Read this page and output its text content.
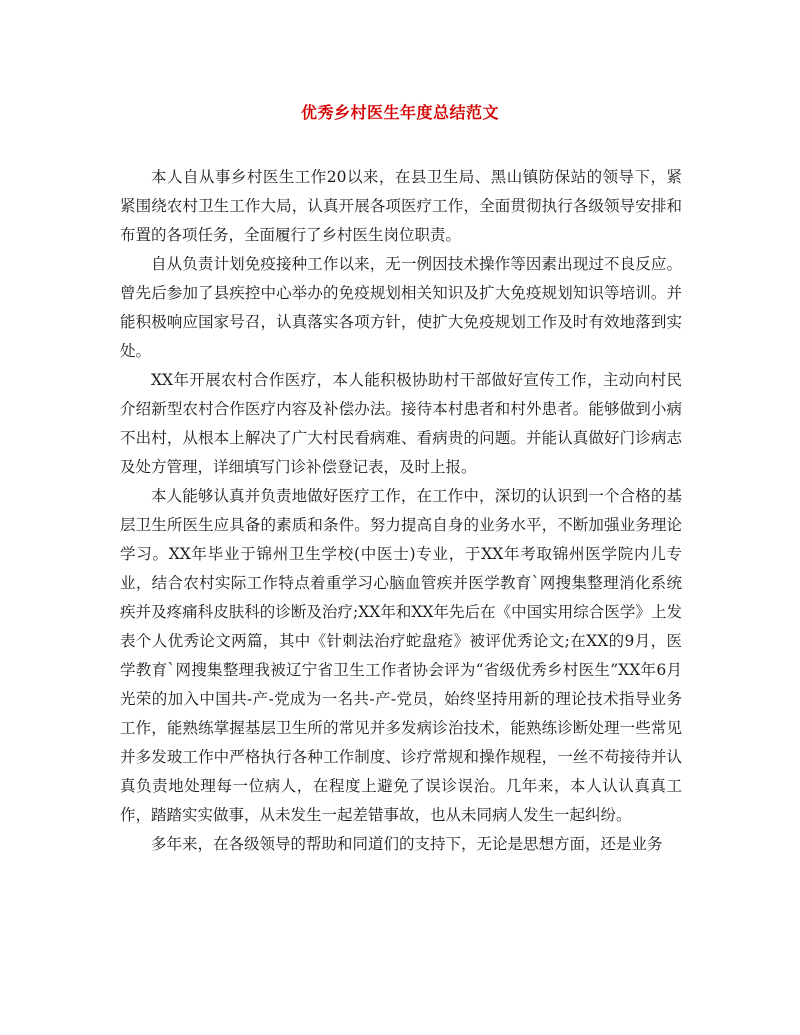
优秀乡村医生年度总结范文

本人自从事乡村医生工作20以来，在县卫生局、黑山镇防保站的领导下，紧紧围绕农村卫生工作大局，认真开展各项医疗工作，全面贯彻执行各级领导安排和布置的各项任务，全面履行了乡村医生岗位职责。

自从负责计划免疫接种工作以来，无一例因技术操作等因素出现过不良反应。曾先后参加了县疾控中心举办的免疫规划相关知识及扩大免疫规划知识等培训。并能积极响应国家号召，认真落实各项方针，使扩大免疫规划工作及时有效地落到实处。

XX年开展农村合作医疗，本人能积极协助村干部做好宣传工作，主动向村民介绍新型农村合作医疗内容及补偿办法。接待本村患者和村外患者。能够做到小病不出村，从根本上解决了广大村民看病难、看病贵的问题。并能认真做好门诊病志及处方管理，详细填写门诊补偿登记表，及时上报。

本人能够认真并负责地做好医疗工作，在工作中，深切的认识到一个合格的基层卫生所医生应具备的素质和条件。努力提高自身的业务水平，不断加强业务理论学习。XX年毕业于锦州卫生学校(中医士)专业，于XX年考取锦州医学院内儿专业，结合农村实际工作特点着重学习心脑血管疾并医学教育`网搜集整理消化系统疾并及疼痛科皮肤科的诊断及治疗;XX年和XX年先后在《中国实用综合医学》上发表个人优秀论文两篇，其中《针刺法治疗蛇盘疮》被评优秀论文;在XX的9月，医学教育`网搜集整理我被辽宁省卫生工作者协会评为“省级优秀乡村医生”XX年6月光荣的加入中国共-产-党成为一名共-产-党员，始终坚持用新的理论技术指导业务工作，能熟练掌握基层卫生所的常见并多发病诊治技术，能熟练诊断处理一些常见并多发玻工作中严格执行各种工作制度、诊疗常规和操作规程，一丝不苟接待并认真负责地处理每一位病人，在程度上避免了误诊误治。几年来，本人认认真真工作，踏踏实实做事，从未发生一起差错事故，也从未同病人发生一起纠纷。

多年来，在各级领导的帮助和同道们的支持下，无论是思想方面，还是业务
